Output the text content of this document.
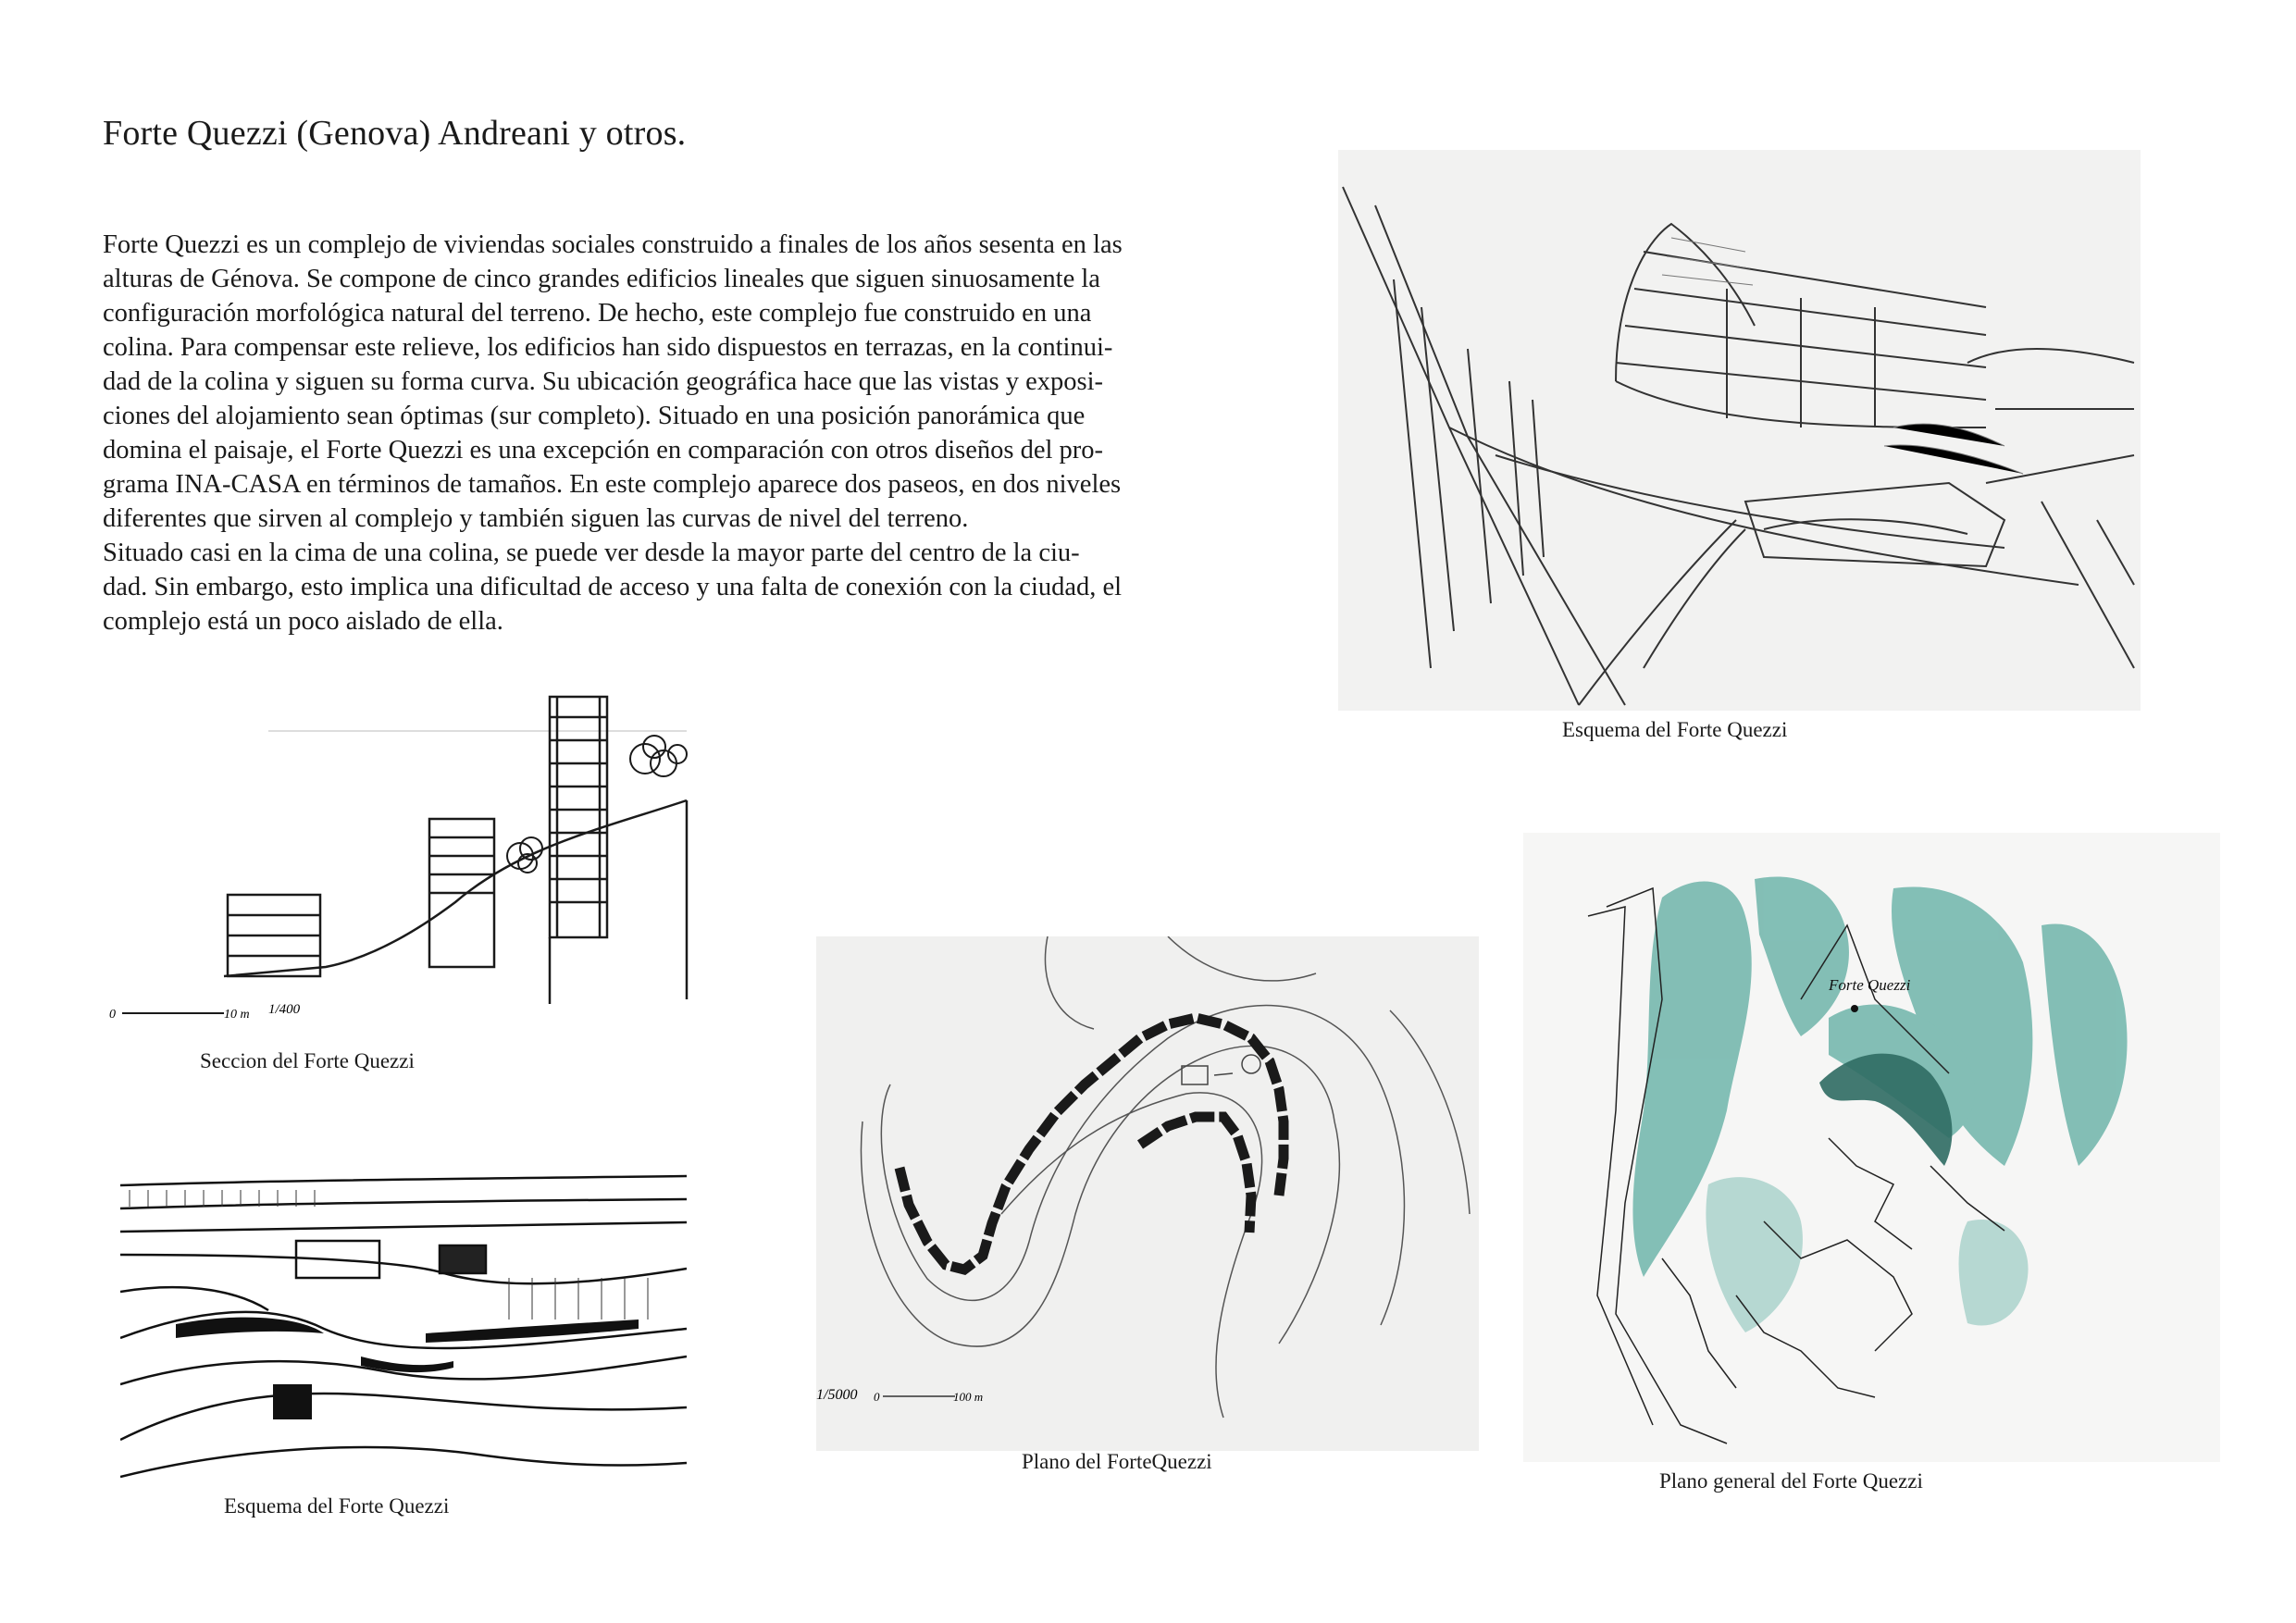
Forte Quezzi (Genova) Andreani y otros.
Forte Quezzi es un complejo de viviendas sociales construido a finales de los años sesenta en las
alturas de Génova. Se compone de cinco grandes edificios lineales que siguen sinuosamente la
configuración morfológica natural del terreno. De hecho, este complejo fue construido en una
colina. Para compensar este relieve, los edificios han sido dispuestos en terrazas, en la continui-
dad de la colina y siguen su forma curva. Su ubicación geográfica hace que las vistas y exposi-
ciones del alojamiento sean óptimas (sur completo). Situado en una posición panorámica que
domina el paisaje, el Forte Quezzi es una excepción en comparación con otros diseños del pro-
grama INA-CASA en términos de tamaños. En este complejo aparece dos paseos, en dos niveles
diferentes que sirven al complejo y también siguen las curvas de nivel del terreno.
Situado casi en la cima de una colina, se puede ver desde la mayor parte del centro de la ciu-
dad. Sin embargo, esto implica una dificultad de acceso y una falta de conexión con la ciudad, el
complejo está un poco aislado de ella.
Esquema del Forte Quezzi
0	10 m 1/400
Seccion del Forte Quezzi
Esquema del Forte Quezzi
1/5000 0	100 m
Plano del ForteQuezzi
Forte Quezzi
Plano general del Forte Quezzi
